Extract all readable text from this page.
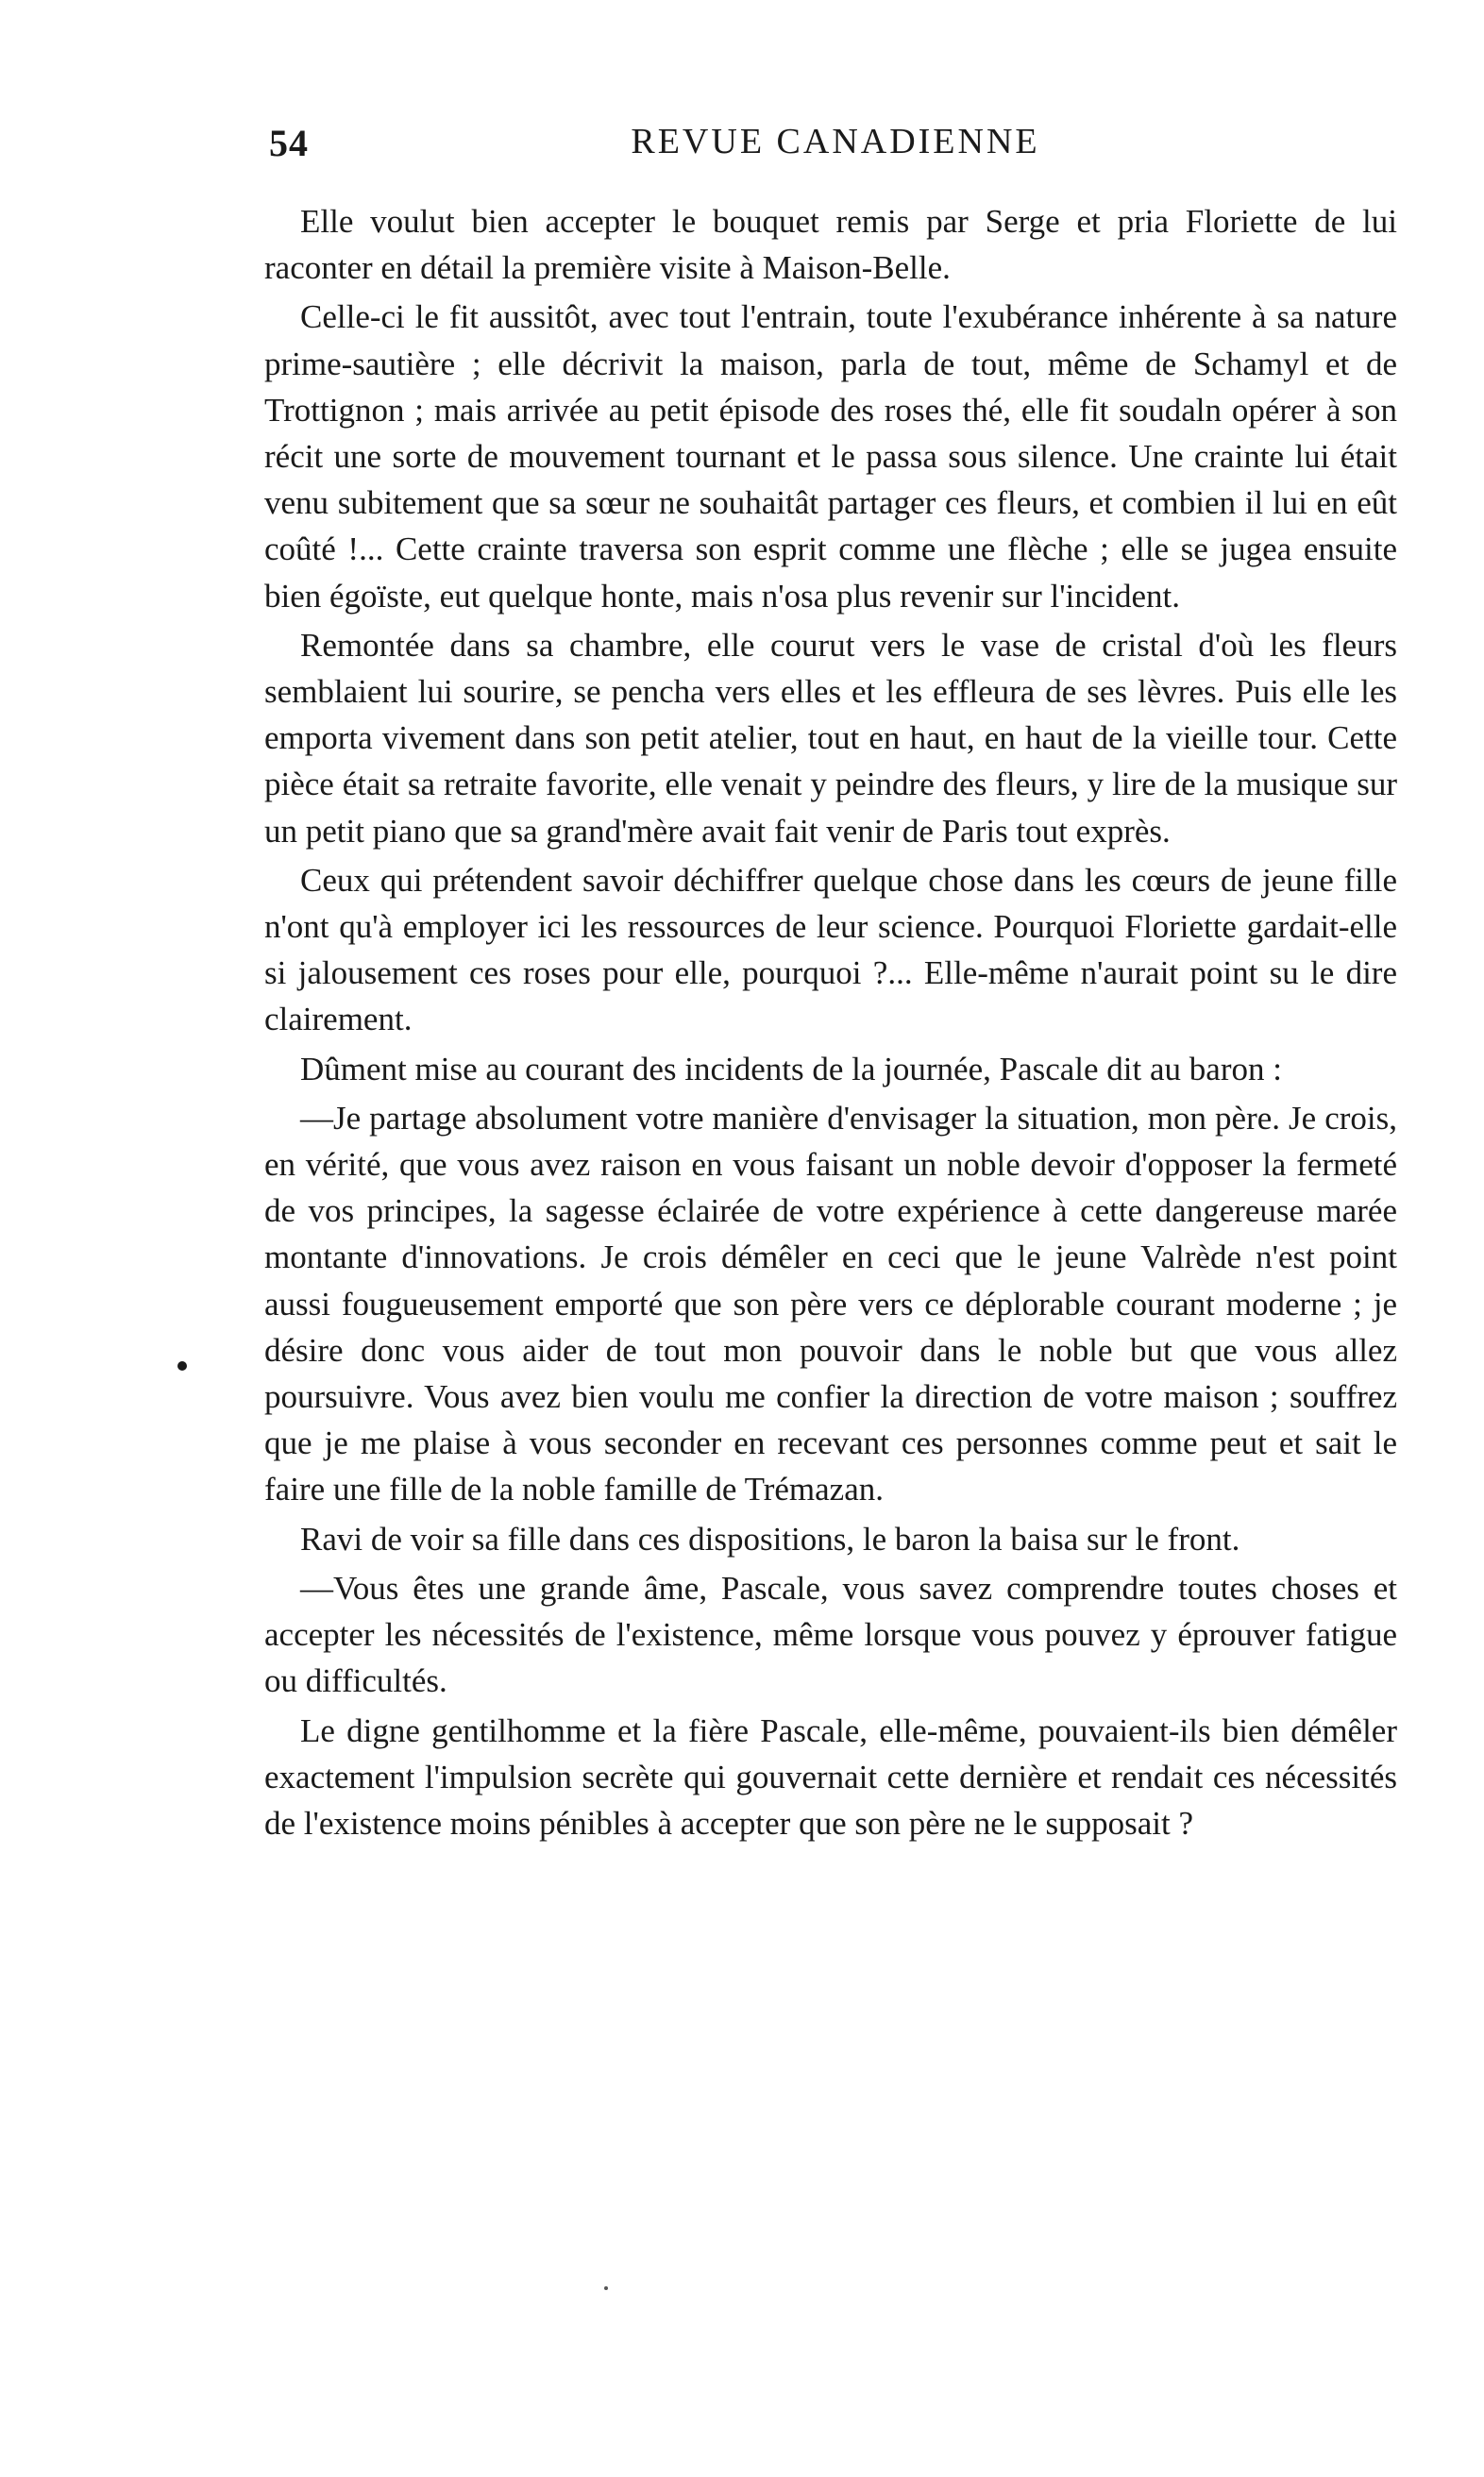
54	REVUE CANADIENNE

Elle voulut bien accepter le bouquet remis par Serge et pria Floriette de lui raconter en détail la première visite à Maison-Belle.

Celle-ci le fit aussitôt, avec tout l'entrain, toute l'exubérance inhérente à sa nature prime-sautière ; elle décrivit la maison, parla de tout, même de Schamyl et de Trottignon ; mais arrivée au petit épisode des roses thé, elle fit soudaln opérer à son récit une sorte de mouvement tournant et le passa sous silence. Une crainte lui était venu subitement que sa sœur ne souhaitât partager ces fleurs, et combien il lui en eût coûté !... Cette crainte traversa son esprit comme une flèche ; elle se jugea ensuite bien égoïste, eut quelque honte, mais n'osa plus revenir sur l'incident.

Remontée dans sa chambre, elle courut vers le vase de cristal d'où les fleurs semblaient lui sourire, se pencha vers elles et les effleura de ses lèvres. Puis elle les emporta vivement dans son petit atelier, tout en haut, en haut de la vieille tour. Cette pièce était sa retraite favorite, elle venait y peindre des fleurs, y lire de la musique sur un petit piano que sa grand'mère avait fait venir de Paris tout exprès.

Ceux qui prétendent savoir déchiffrer quelque chose dans les cœurs de jeune fille n'ont qu'à employer ici les ressources de leur science. Pourquoi Floriette gardait-elle si jalousement ces roses pour elle, pourquoi ?... Elle-même n'aurait point su le dire clairement.

Dûment mise au courant des incidents de la journée, Pascale dit au baron :

—Je partage absolument votre manière d'envisager la situation, mon père. Je crois, en vérité, que vous avez raison en vous faisant un noble devoir d'opposer la fermeté de vos principes, la sagesse éclairée de votre expérience à cette dangereuse marée montante d'innovations. Je crois démêler en ceci que le jeune Valrède n'est point aussi fougueusement emporté que son père vers ce déplorable courant moderne ; je désire donc vous aider de tout mon pouvoir dans le noble but que vous allez poursuivre. Vous avez bien voulu me confier la direction de votre maison ; souffrez que je me plaise à vous seconder en recevant ces personnes comme peut et sait le faire une fille de la noble famille de Trémazan.

Ravi de voir sa fille dans ces dispositions, le baron la baisa sur le front.

—Vous êtes une grande âme, Pascale, vous savez comprendre toutes choses et accepter les nécessités de l'existence, même lorsque vous pouvez y éprouver fatigue ou difficultés.

Le digne gentilhomme et la fière Pascale, elle-même, pouvaient-ils bien démêler exactement l'impulsion secrète qui gouvernait cette dernière et rendait ces nécessités de l'existence moins pénibles à accepter que son père ne le supposait ?
